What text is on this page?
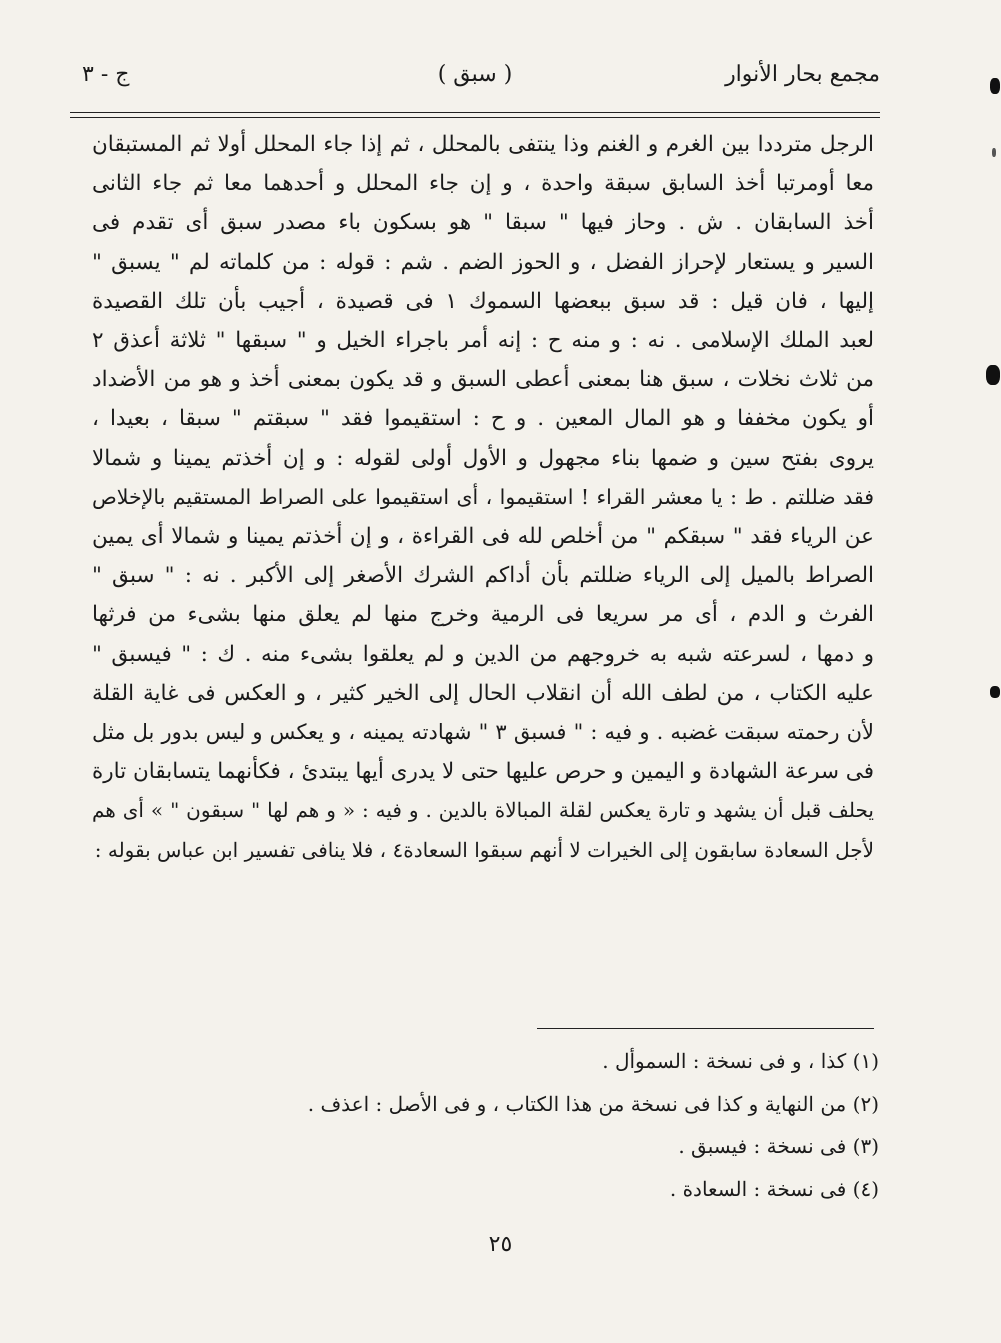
مجمع بحار الأنوار
( سبق )
ج - ٣
الرجل مترددا بين الغرم و الغنم وذا ينتفى بالمحلل ، ثم إذا جاء المحلل أولا ثم المستبقان
معا أومرتبا أخذ السابق سبقة واحدة ، و إن جاء المحلل و أحدهما معا ثم جاء الثانى
أخذ السابقان . ش . وحاز فيها " سبقا " هو بسكون باء مصدر سبق أى تقدم فى
السير و يستعار لإحراز الفضل ، و الحوز الضم . شم : قوله : من كلماته لم " يسبق "
إليها ، فان قيل : قد سبق ببعضها السموك ١ فى قصيدة ، أجيب بأن تلك القصيدة
لعبد الملك الإسلامى . نه : و منه ح : إنه أمر باجراء الخيل و " سبقها " ثلاثة أعذق ٢
من ثلاث نخلات ، سبق هنا بمعنى أعطى السبق و قد يكون بمعنى أخذ و هو من الأضداد
أو يكون مخففا و هو المال المعين . و ح : استقيموا فقد " سبقتم " سبقا ، بعيدا ،
يروى بفتح سين و ضمها بناء مجهول و الأول أولى لقوله : و إن أخذتم يمينا و شمالا
فقد ضللتم . ط : يا معشر القراء ! استقيموا ، أى استقيموا على الصراط المستقيم بالإخلاص
عن الرياء فقد " سبقكم " من أخلص لله فى القراءة ، و إن أخذتم يمينا و شمالا أى يمين
الصراط بالميل إلى الرياء ضللتم بأن أداكم الشرك الأصغر إلى الأكبر . نه : " سبق "
الفرث و الدم ، أى مر سريعا فى الرمية وخرج منها لم يعلق منها بشىء من فرثها
و دمها ، لسرعته شبه به خروجهم من الدين و لم يعلقوا بشىء منه . ك : " فيسبق "
عليه الكتاب ، من لطف الله أن انقلاب الحال إلى الخير كثير ، و العكس فى غاية القلة
لأن رحمته سبقت غضبه . و فيه : " فسبق ٣ " شهادته يمينه ، و يعكس و ليس بدور بل مثل
فى سرعة الشهادة و اليمين و حرص عليها حتى لا يدرى أيها يبتدئ ، فكأنهما يتسابقان تارة
يحلف قبل أن يشهد و تارة يعكس لقلة المبالاة بالدين . و فيه : « و هم لها " سبقون " » أى هم
لأجل السعادة سابقون إلى الخيرات لا أنهم سبقوا السعادة٤ ، فلا ينافى تفسير ابن عباس بقوله :
(١) كذا ، و فى نسخة : السموأل .
(٢) من النهاية و كذا فى نسخة من هذا الكتاب ، و فى الأصل : اعذف .
(٣) فى نسخة : فيسبق .
(٤) فى نسخة : السعادة .
٢٥
